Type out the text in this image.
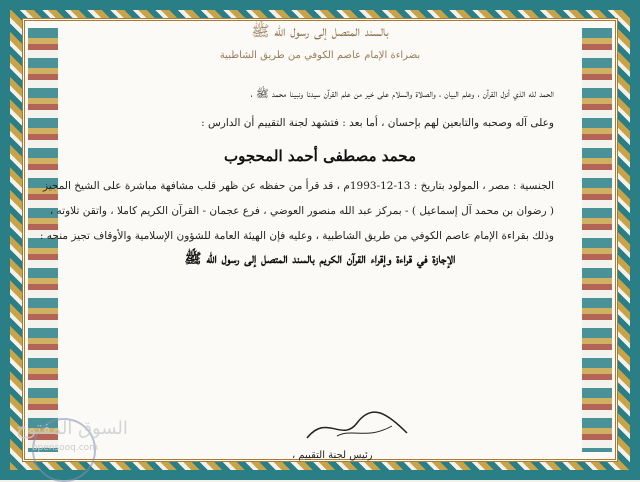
بالسند المتصل إلى رسول الله ﷺ
بضراءة الإمام عاصم الكوفي من طريق الشاطبية
الحمد لله الذي أنزل القرآن ، وعلم البيان ، والصلاة والسلام على خير من علم القرآن سيدنا ونبينا محمد ﷺ ،
وعلى آله وصحبه والتابعين لهم بإحسان ، أما بعد : فتشهد لجنة التقييم أن الدارس :
محمد مصطفى أحمد المحجوب
الجنسية : مصر ، المولود بتاريخ : 13-12-1993م ، قد قرأ من حفظه عن ظهر قلب مشافهة مباشرة على الشيخ المجيز
( رضوان بن محمد آل إسماعيل ) - بمركز عبد الله منصور العوضي ، فرع عجمان - القرآن الكريم كاملا ، واتقن تلاوته ،
وذلك بقراءة الإمام عاصم الكوفي من طريق الشاطبية ، وعليه فإن الهيئة العامة للشؤون الإسلامية والأوقاف تجيز منحه :
الإجازة في قراءة وإقراء القرآن الكريم بالسند المتصل إلى رسول الله ﷺ
رئيس لجنة التقييم ،
السوق المفتوح
opensooq.com
